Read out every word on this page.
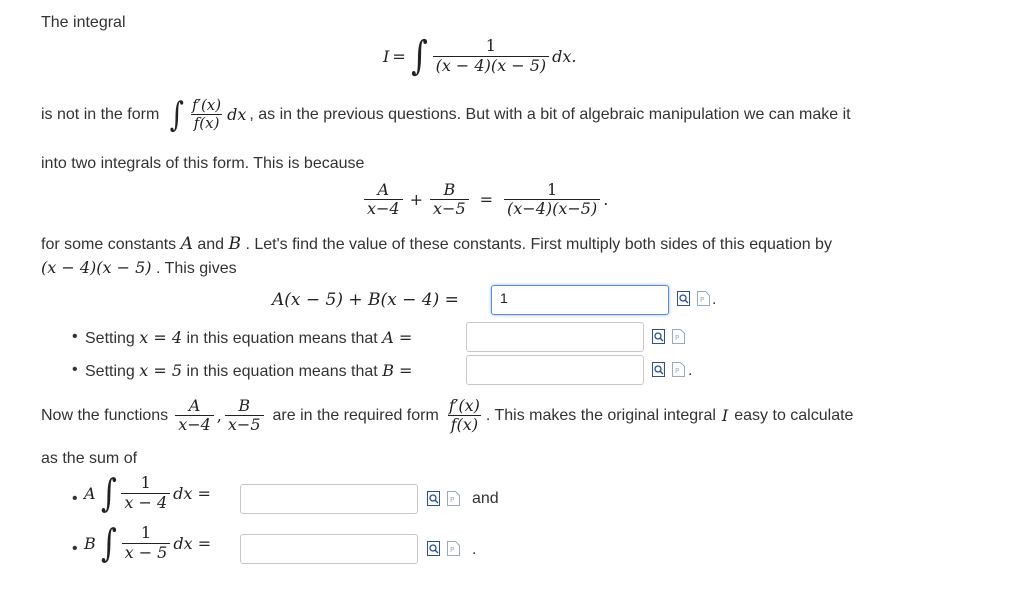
The integral
I = ∫ $\frac{1}{(x - 4)(x - 5)}$ dx.
is not in the form ∫ $\frac{f'(x)}{f(x)}$ dx , as in the previous questions. But with a bit of algebraic manipulation we can make it
into two integrals of this form. This is because
$\frac{A}{x-4} + \frac{B}{x-5} = \frac{1}{(x-4)(x-5)}$ .
for some constants A and B . Let's find the value of these constants. First multiply both sides of this equation by
(x − 4)(x − 5) . This gives
A(x − 5) + B(x − 4) =	1	P .
• Setting x = 4 in this equation means that A =	P
• Setting x = 5 in this equation means that B =	P .
Now the functions $\frac{A}{x-4}$ , $\frac{B}{x-5}$ are in the required form $\frac{f'(x)}{f(x)}$ . This makes the original integral I easy to calculate
as the sum of
• A ∫ $\frac{1}{x - 4}$ dx =	P and
• B ∫ $\frac{1}{x - 5}$ dx =	P .
